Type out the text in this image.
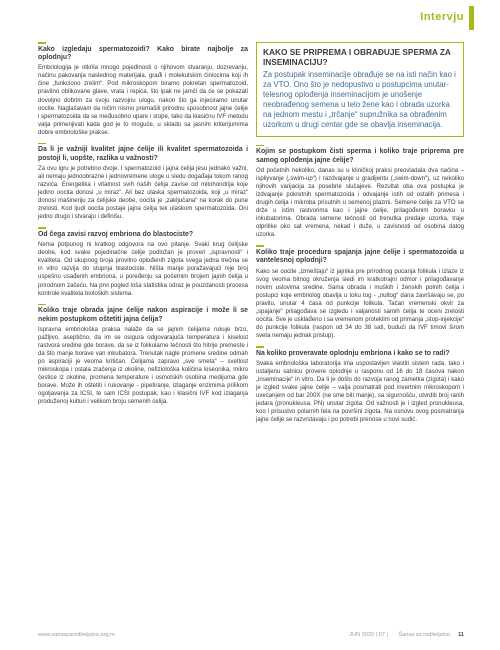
Intervju

Kako izgledaju spermatozoidi? Kako birate najbolje za oplodnju?

Embriologija je otkrila mnogo pojedinosti o njihovom stvaranju, dozrevanju, načinu pakovanja naslednog materijala, građi i molekulskim činiocima koji ih čine „funkciono zrelim“. Pod mikroskopom biramo pokretan spermatozoid, pravilno oblikovane glave, vrata i repića, što ipak ne jamči da će se pokazati dovoljno dobrim za svoju razvojnu ulogu, nakon što ga injeciramo unutar oocite. Naglašavam da ničim nismo premašili prirodnu sposobnost jajne ćelije i spermatozoida da se međusobno upare i stope, tako da klasičnu IVF metodu valja primenjivati kada god je to moguće, u skladu sa jasnim kriterijumima dobre embriološke prakse.

Da li je važniji kvalitet jajne ćelije ili kvalitet spermatozoida i postoji li, uopšte, razlika u važnosti?

Za ovu igru je potrebno dvoje. I spermatozoid i jajna ćelija jesu jednako važni, ali nemaju jednoobrazne i jednovremene uloge u sledu događaja tokom ranog razvića. Energetika i vitalnost svih naših ćelija zavise od mitohondrija koje jedino oocita donosi „u mirazˮ. Ali bez ulaska spermatozoida, koji „u mirazˮ donosi mašineriju za ćelijske deobe, oocita je „zaključana“ na korak do pune zrelosti. Kod ljudi oocita postaje jajna ćelija tek ulaskom spermatozoida. Oni jedno drugo i stvaraju i definišu.

Od čega zavisi razvoj embriona do blastociste?

Nema potpunog ni kratkog odgovora na ovo pitanje. Svaki krug ćelijske deobe, kod svake pojedinačne ćelije podložan je proveri „ispravnosti“ i kvaliteta. Od ukupnog broja provilno oplođenih zigota svega jedna trećina se in vitro razvija do stupnja blastociste. Ništa manje poražavajući nije broj uspešno usađenih embriona, u poređenju sa početnim brojem jajnih ćelija u prirodnom začeću. Na prvi pogled loša statistika odraz je pouzdanosti procesa kontrole kvaliteta bioloških sistema.

Koliko traje obrada jajne ćelije nakon aspiracije i može li se nekim postupkom oštetiti jajna ćelija?

Ispravna embriološka praksa nalaže da se jajnim ćelijama rukuje brzo, pažljivo, aseptično, da im se osigura odgovarajuća temperatura i kiselost rastvora sredine gde borave, da se iz folikularne tečnosti što hitrije premeste i da što manje borave van inkubatora. Trenutak nagle promene sredine odmah po aspiraciji je veoma kritičan. Ćelijama zapravo „sve smeta“ – svetlost mikroskopa i ostala zračenja iz okoline, nefiziološka količina kiseonika, mikro čestice iz okoline, promena temperature i osmotskih osobina medijuma gde borave. Može ih oštetiti i rukovanje - pipetiranje, izlaganje enzimima prilikom ogoljavanja za ICSI, te sam ICSI postupak, kao i klasični IVF kod izlaganja produženoj kulturi i velikom broju semenih ćelija.

KAKO SE PRIPREMA I OBRAĐUJE SPERMA ZA INSEMINACIJU?

Za postupak inseminacije obrađuje se na isti način kao i za VTO. Ono što je nedopustivo u postupcima unutar-telesnog oplođenja inseminacijom je unošenje neobrađenog semena u telo žene kao i obrada uzorka na jednom mestu i „trčanje“ supružnika sa obrađenim uzorkom u drugi centar gde se obavlja inseminacija.

Kojim se postupkom čisti sperma i koliko traje priprema pre samog oplođenja jajne ćelije?

Od početnih nekoliko, danas su u kliničkoj praksi preovladala dva načina – ispliyvanje („swim-up“) i razdvajanje u gradijentu („swim-down“), uz nekoliko njihovih varijacija za posebne slučajeve. Rezultat oba ova postupka je izdvajanje pokretnih spermatozoida i odvajanje istih od ostalih primesa i drugih ćelija i mikroba prisutnih u semenoj plazmi. Semene ćelije za VTO se drže u istim rastvorima kao i jajne ćelije, prilagođenim boravku u inkubatorima. Obrada semene tečnosti od trenutka predaje uzorka, traje otprilike oko sat vremena, nekad i duže, u zavisnosti od osobina datog uzorka.

Koliko traje procedura spajanja jajne ćelije i spermatozoida u vantelesnoj oplodnji?

Kako se oocite „izmeštaju“ iz jajnika pre prirodnog pucanja folikula i izlaze iz svog veoma bitnog okruženja sledi im kratkotrajni odmor i prilagođavanje novim uslovima sredine. Sama obrada i muških i ženskih polnih ćelija i postupci koje embriolog obavlja u toku tog - „nultog“ dana završavaju se, po pravilu, unutar 4 časa od punkcije folikula. Tačan vremenski okvir za „spajanje“ prilagođava se izgledu i valjanosti samih ćelija te oceni zrelosti oocita. Sve je usklađeno i sa vremenom proteklim od primanja „stop-injekcije“ do punkcije folikula (raspon od 34 do 38 sati, budući da IVF timovi širom sveta nemaju jednak pristup).

Na koliko proveravate oplodnju embriona i kako se to radi?

Svaka embriološka laboratorija ima uspostavljen vlastiti sistem rada, tako i ustaljenu satnicu provere oplodnje u rasponu od 16 do 18 časova nakon „inseminacije“ in vitro. Da li je došlo do razvoja ranog zametka (zigota) i kako je izgled svake jajne ćelije – valja posmatrati pod invertnim mikroskopom i uvećanjem od bar 200X (ne sme biti manje), sa sigurnošću, utvrditi broj ranih jedara (pronukleusa, PN) unutar zigota. Od važnosti je i izgled pronukleusa, koo i prisustvo polarnih tela na površini zigota. Na osnovu ovog posmatranja jajne ćelije se razvrstavaju i po potrebi prenose u novi sudić.

www.sansazaroditeljstvo.org.rs	JUN 2020 | 07 | Šansa za roditeljstvo 11
